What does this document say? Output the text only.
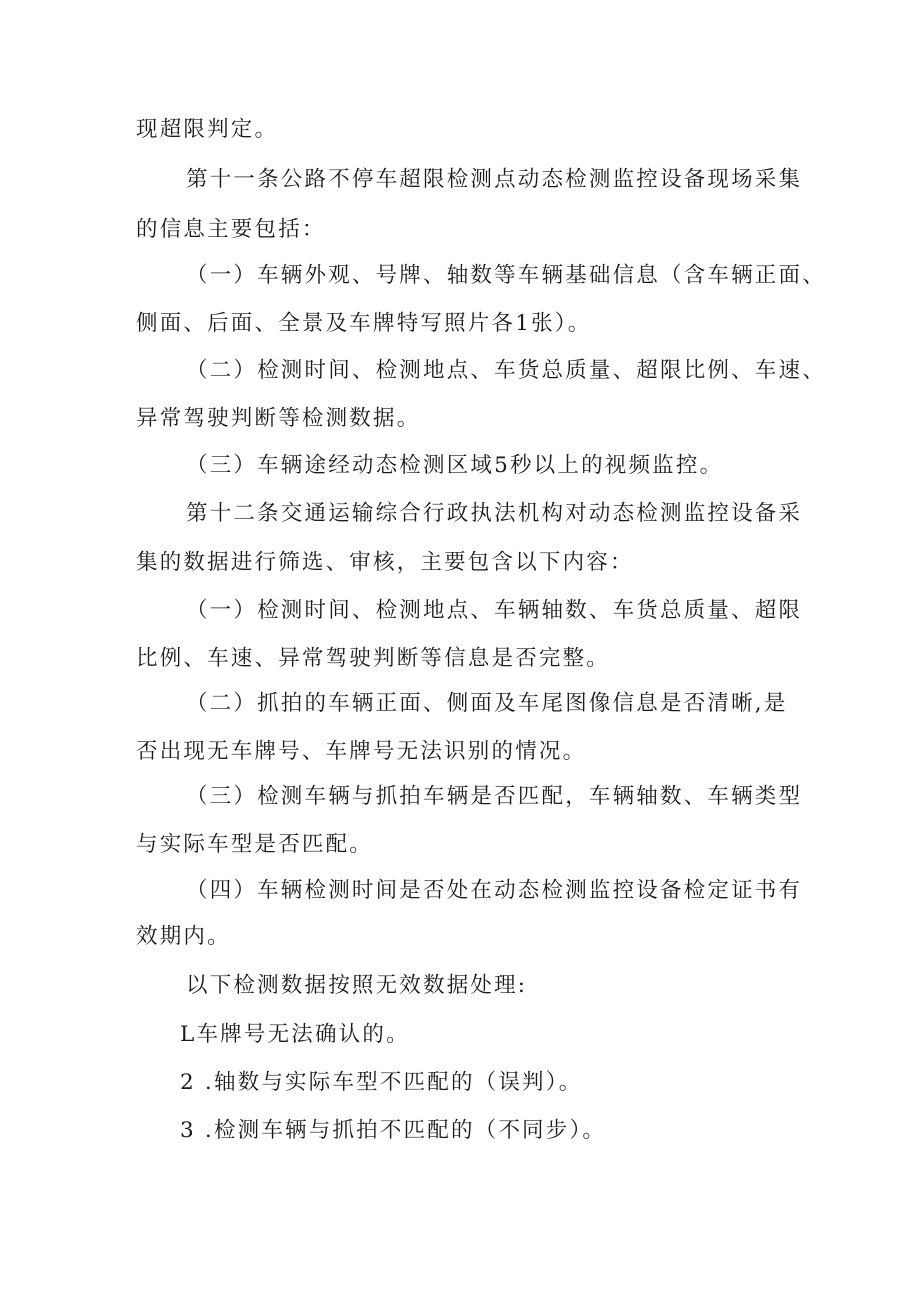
现超限判定。
第十一条公路不停车超限检测点动态检测监控设备现场采集
的信息主要包括：
（一）车辆外观、号牌、轴数等车辆基础信息（含车辆正面、
侧面、后面、全景及车牌特写照片各1张）。
（二）检测时间、检测地点、车货总质量、超限比例、车速、
异常驾驶判断等检测数据。
（三）车辆途经动态检测区域5秒以上的视频监控。
第十二条交通运输综合行政执法机构对动态检测监控设备采
集的数据进行筛选、审核，主要包含以下内容：
（一）检测时间、检测地点、车辆轴数、车货总质量、超限
比例、车速、异常驾驶判断等信息是否完整。
（二）抓拍的车辆正面、侧面及车尾图像信息是否清晰,是
否出现无车牌号、车牌号无法识别的情况。
（三）检测车辆与抓拍车辆是否匹配，车辆轴数、车辆类型
与实际车型是否匹配。
（四）车辆检测时间是否处在动态检测监控设备检定证书有
效期内。
以下检测数据按照无效数据处理:
L车牌号无法确认的。
2 .轴数与实际车型不匹配的（误判）。
3 .检测车辆与抓拍不匹配的（不同步）。
